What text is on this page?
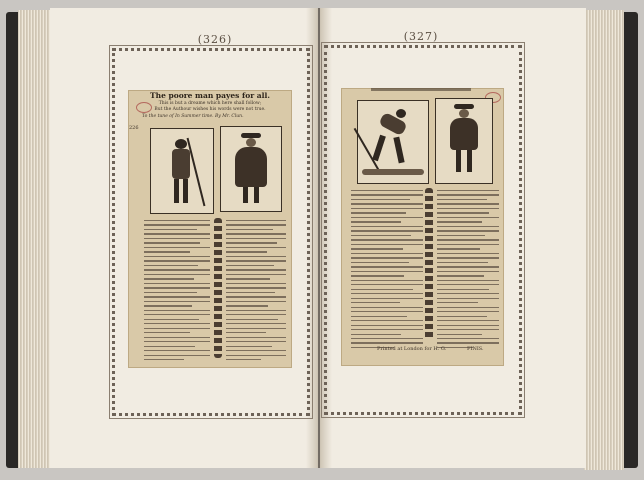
(326)	(327)
The poore man payes for all.
This is but a dreame which here shall follow;
But the Authour wishes his words were not true.
To the tune of In Summer time. By Mr. Clun.
226
Printed at London for H. G.	FINIS.
